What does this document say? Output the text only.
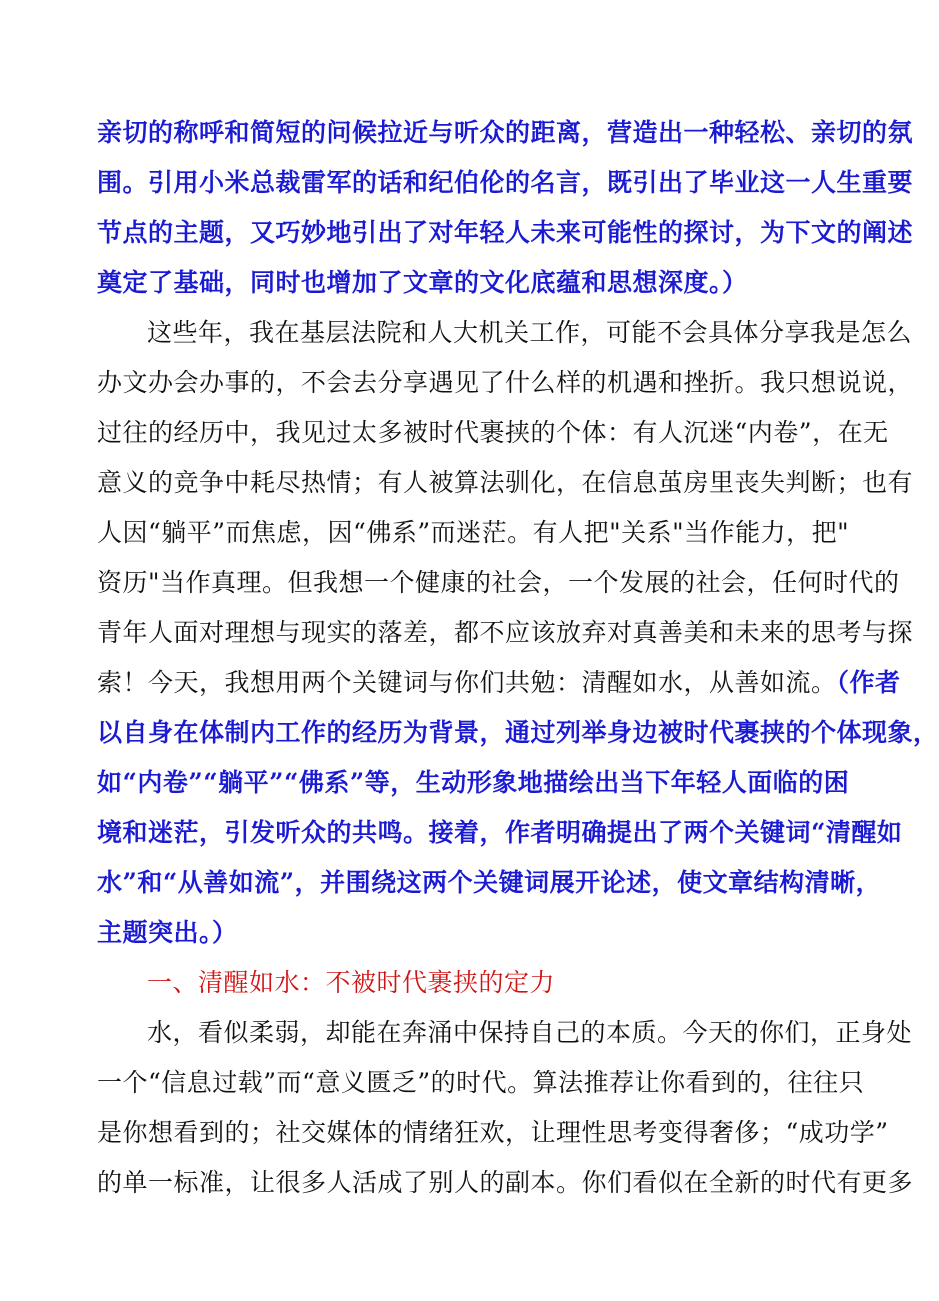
亲切的称呼和简短的问候拉近与听众的距离，营造出一种轻松、亲切的氛
围。引用小米总裁雷军的话和纪伯伦的名言，既引出了毕业这一人生重要
节点的主题，又巧妙地引出了对年轻人未来可能性的探讨，为下文的阐述
奠定了基础，同时也增加了文章的文化底蕴和思想深度。）
这些年，我在基层法院和人大机关工作，可能不会具体分享我是怎么
办文办会办事的，不会去分享遇见了什么样的机遇和挫折。我只想说说，
过往的经历中，我见过太多被时代裹挟的个体：有人沉迷“内卷”，在无
意义的竞争中耗尽热情；有人被算法驯化，在信息茧房里丧失判断；也有
人因“躺平”而焦虑，因“佛系”而迷茫。有人把"关系"当作能力，把"
资历"当作真理。但我想一个健康的社会，一个发展的社会，任何时代的
青年人面对理想与现实的落差，都不应该放弃对真善美和未来的思考与探
索！今天，我想用两个关键词与你们共勉：清醒如水，从善如流。（作者
以自身在体制内工作的经历为背景，通过列举身边被时代裹挟的个体现象，
如“内卷”“躺平”“佛系”等，生动形象地描绘出当下年轻人面临的困
境和迷茫，引发听众的共鸣。接着，作者明确提出了两个关键词“清醒如
水”和“从善如流”，并围绕这两个关键词展开论述，使文章结构清晰，
主题突出。）
一、清醒如水：不被时代裹挟的定力
水，看似柔弱，却能在奔涌中保持自己的本质。今天的你们，正身处
一个“信息过载”而“意义匮乏”的时代。算法推荐让你看到的，往往只
是你想看到的；社交媒体的情绪狂欢，让理性思考变得奢侈；“成功学”
的单一标准，让很多人活成了别人的副本。你们看似在全新的时代有更多
